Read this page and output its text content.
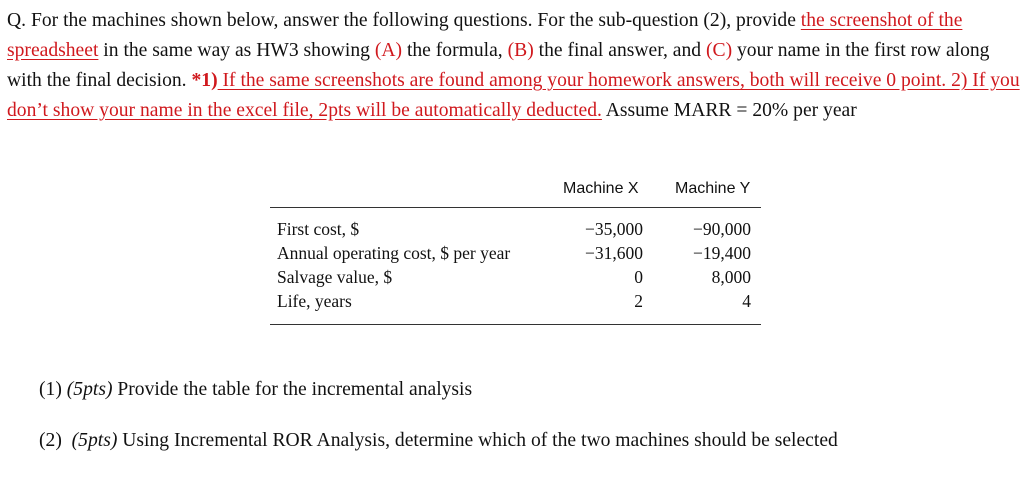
Q. For the machines shown below, answer the following questions. For the sub-question (2), provide the screenshot of the spreadsheet in the same way as HW3 showing (A) the formula, (B) the final answer, and (C) your name in the first row along with the final decision. *1) If the same screenshots are found among your homework answers, both will receive 0 point. 2) If you don’t show your name in the excel file, 2pts will be automatically deducted. Assume MARR = 20% per year

Machine X Machine Y
First cost, $	−35,000	−90,000
Annual operating cost, $ per year	−31,600	−19,400
Salvage value, $	0	8,000
Life, years	2	4
(1) (5pts) Provide the table for the incremental analysis
(2) (5pts) Using Incremental ROR Analysis, determine which of the two machines should be selected
